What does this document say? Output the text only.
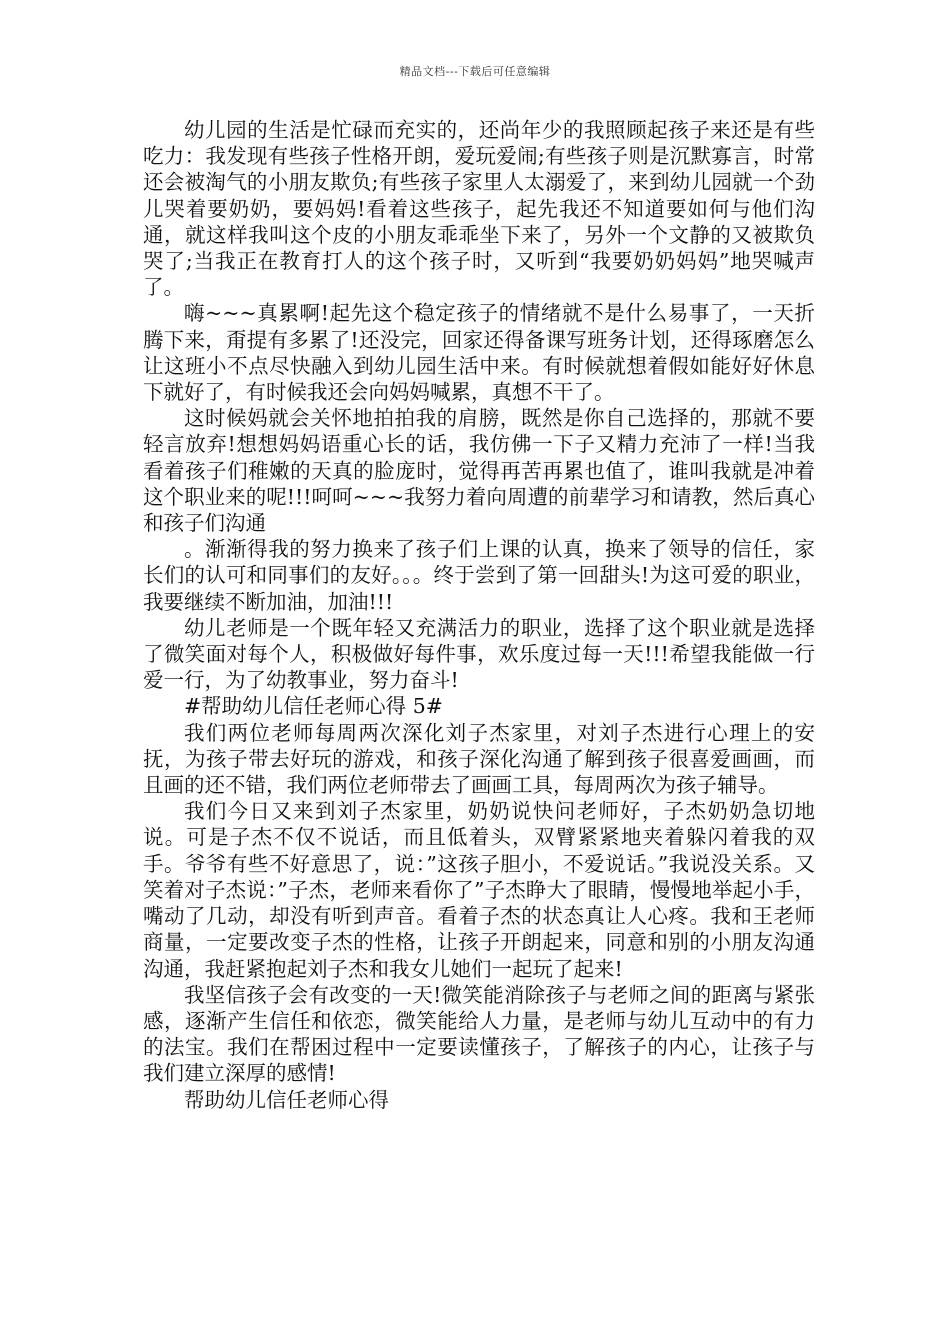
精品文档---下载后可任意编辑

幼儿园的生活是忙碌而充实的，还尚年少的我照顾起孩子来还是有些吃力：我发现有些孩子性格开朗，爱玩爱闹;有些孩子则是沉默寡言，时常还会被淘气的小朋友欺负;有些孩子家里人太溺爱了，来到幼儿园就一个劲儿哭着要奶奶，要妈妈!看着这些孩子，起先我还不知道要如何与他们沟通，就这样我叫这个皮的小朋友乖乖坐下来了，另外一个文静的又被欺负哭了;当我正在教育打人的这个孩子时，又听到“我要奶奶妈妈”地哭喊声了。

嗨~~~真累啊!起先这个稳定孩子的情绪就不是什么易事了，一天折腾下来，甭提有多累了!还没完，回家还得备课写班务计划，还得琢磨怎么让这班小不点尽快融入到幼儿园生活中来。有时候就想着假如能好好休息下就好了，有时候我还会向妈妈喊累，真想不干了。

这时候妈就会关怀地拍拍我的肩膀，既然是你自己选择的，那就不要轻言放弃!想想妈妈语重心长的话，我仿佛一下子又精力充沛了一样!当我看着孩子们稚嫩的天真的脸庞时，觉得再苦再累也值了，谁叫我就是冲着这个职业来的呢!!!呵呵~~~我努力着向周遭的前辈学习和请教，然后真心和孩子们沟通

。渐渐得我的努力换来了孩子们上课的认真，换来了领导的信任，家长们的认可和同事们的友好。。。终于尝到了第一回甜头!为这可爱的职业，我要继续不断加油，加油!!!

幼儿老师是一个既年轻又充满活力的职业，选择了这个职业就是选择了微笑面对每个人，积极做好每件事，欢乐度过每一天!!!希望我能做一行爱一行，为了幼教事业，努力奋斗!

#帮助幼儿信任老师心得 5#

我们两位老师每周两次深化刘子杰家里，对刘子杰进行心理上的安抚，为孩子带去好玩的游戏，和孩子深化沟通了解到孩子很喜爱画画，而且画的还不错，我们两位老师带去了画画工具，每周两次为孩子辅导。

我们今日又来到刘子杰家里，奶奶说快问老师好，子杰奶奶急切地说。可是子杰不仅不说话，而且低着头，双臂紧紧地夹着躲闪着我的双手。爷爷有些不好意思了，说：”这孩子胆小，不爱说话。”我说没关系。又笑着对子杰说：”子杰，老师来看你了”子杰睁大了眼睛，慢慢地举起小手，嘴动了几动，却没有听到声音。看着子杰的状态真让人心疼。我和王老师商量，一定要改变子杰的性格，让孩子开朗起来，同意和别的小朋友沟通沟通，我赶紧抱起刘子杰和我女儿她们一起玩了起来!

我坚信孩子会有改变的一天!微笑能消除孩子与老师之间的距离与紧张感，逐渐产生信任和依恋，微笑能给人力量，是老师与幼儿互动中的有力的法宝。我们在帮困过程中一定要读懂孩子，了解孩子的内心，让孩子与我们建立深厚的感情!

帮助幼儿信任老师心得
